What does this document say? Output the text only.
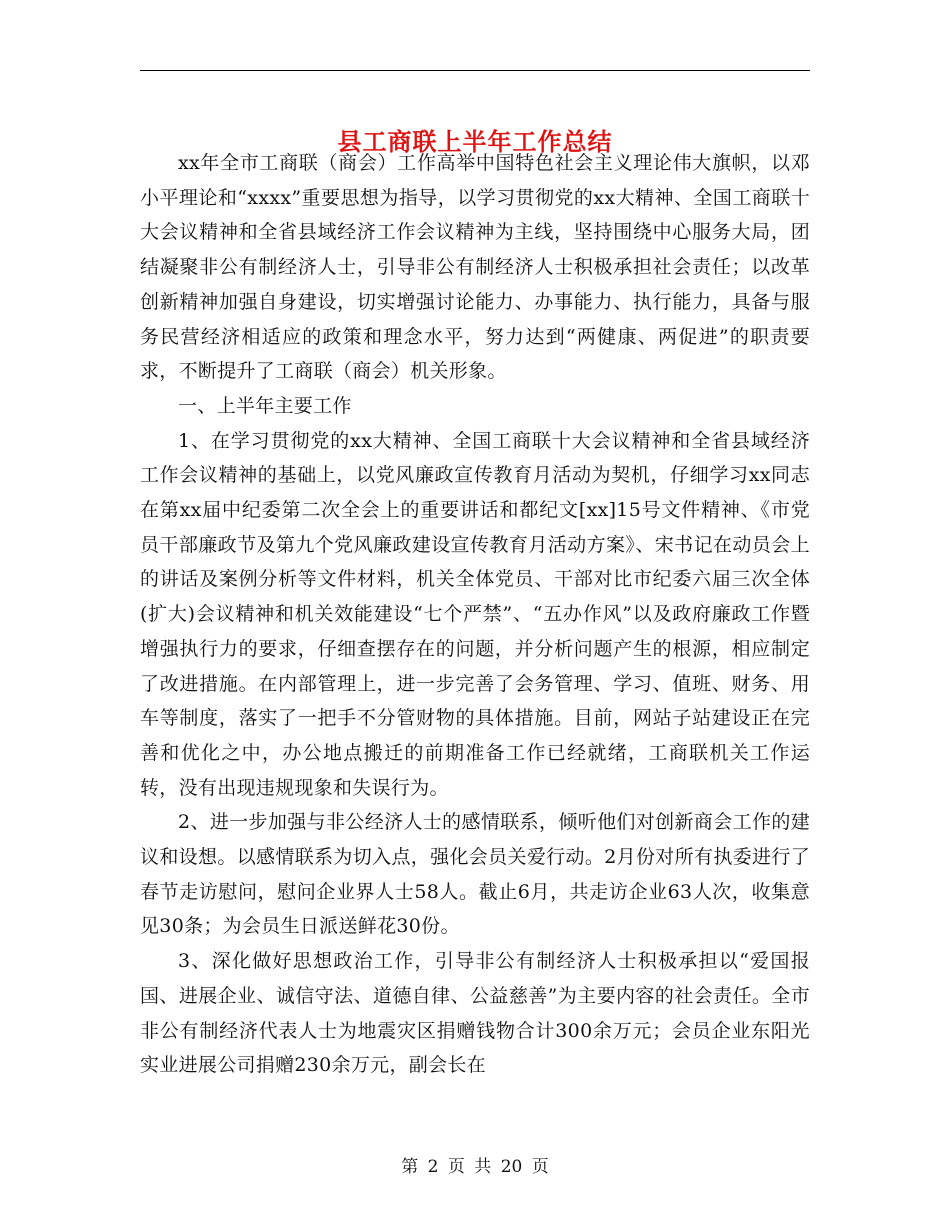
县工商联上半年工作总结

xx年全市工商联（商会）工作高举中国特色社会主义理论伟大旗帜，以邓小平理论和“xxxx”重要思想为指导，以学习贯彻党的xx大精神、全国工商联十大会议精神和全省县域经济工作会议精神为主线，坚持围绕中心服务大局，团结凝聚非公有制经济人士，引导非公有制经济人士积极承担社会责任；以改革创新精神加强自身建设，切实增强讨论能力、办事能力、执行能力，具备与服务民营经济相适应的政策和理念水平，努力达到“两健康、两促进”的职责要求，不断提升了工商联（商会）机关形象。

一、上半年主要工作

1、在学习贯彻党的xx大精神、全国工商联十大会议精神和全省县域经济工作会议精神的基础上，以党风廉政宣传教育月活动为契机，仔细学习xx同志在第xx届中纪委第二次全会上的重要讲话和都纪文[xx]15号文件精神、《市党员干部廉政节及第九个党风廉政建设宣传教育月活动方案》、宋书记在动员会上的讲话及案例分析等文件材料，机关全体党员、干部对比市纪委六届三次全体(扩大)会议精神和机关效能建设“七个严禁”、“五办作风”以及政府廉政工作暨增强执行力的要求，仔细查摆存在的问题，并分析问题产生的根源，相应制定了改进措施。在内部管理上，进一步完善了会务管理、学习、值班、财务、用车等制度，落实了一把手不分管财物的具体措施。目前，网站子站建设正在完善和优化之中，办公地点搬迁的前期准备工作已经就绪，工商联机关工作运转，没有出现违规现象和失误行为。

2、进一步加强与非公经济人士的感情联系，倾听他们对创新商会工作的建议和设想。以感情联系为切入点，强化会员关爱行动。2月份对所有执委进行了春节走访慰问，慰问企业界人士58人。截止6月，共走访企业63人次，收集意见30条；为会员生日派送鲜花30份。

3、深化做好思想政治工作，引导非公有制经济人士积极承担以“爱国报国、进展企业、诚信守法、道德自律、公益慈善”为主要内容的社会责任。全市非公有制经济代表人士为地震灾区捐赠钱物合计300余万元；会员企业东阳光实业进展公司捐赠230余万元，副会长在

第 2 页 共 20 页
